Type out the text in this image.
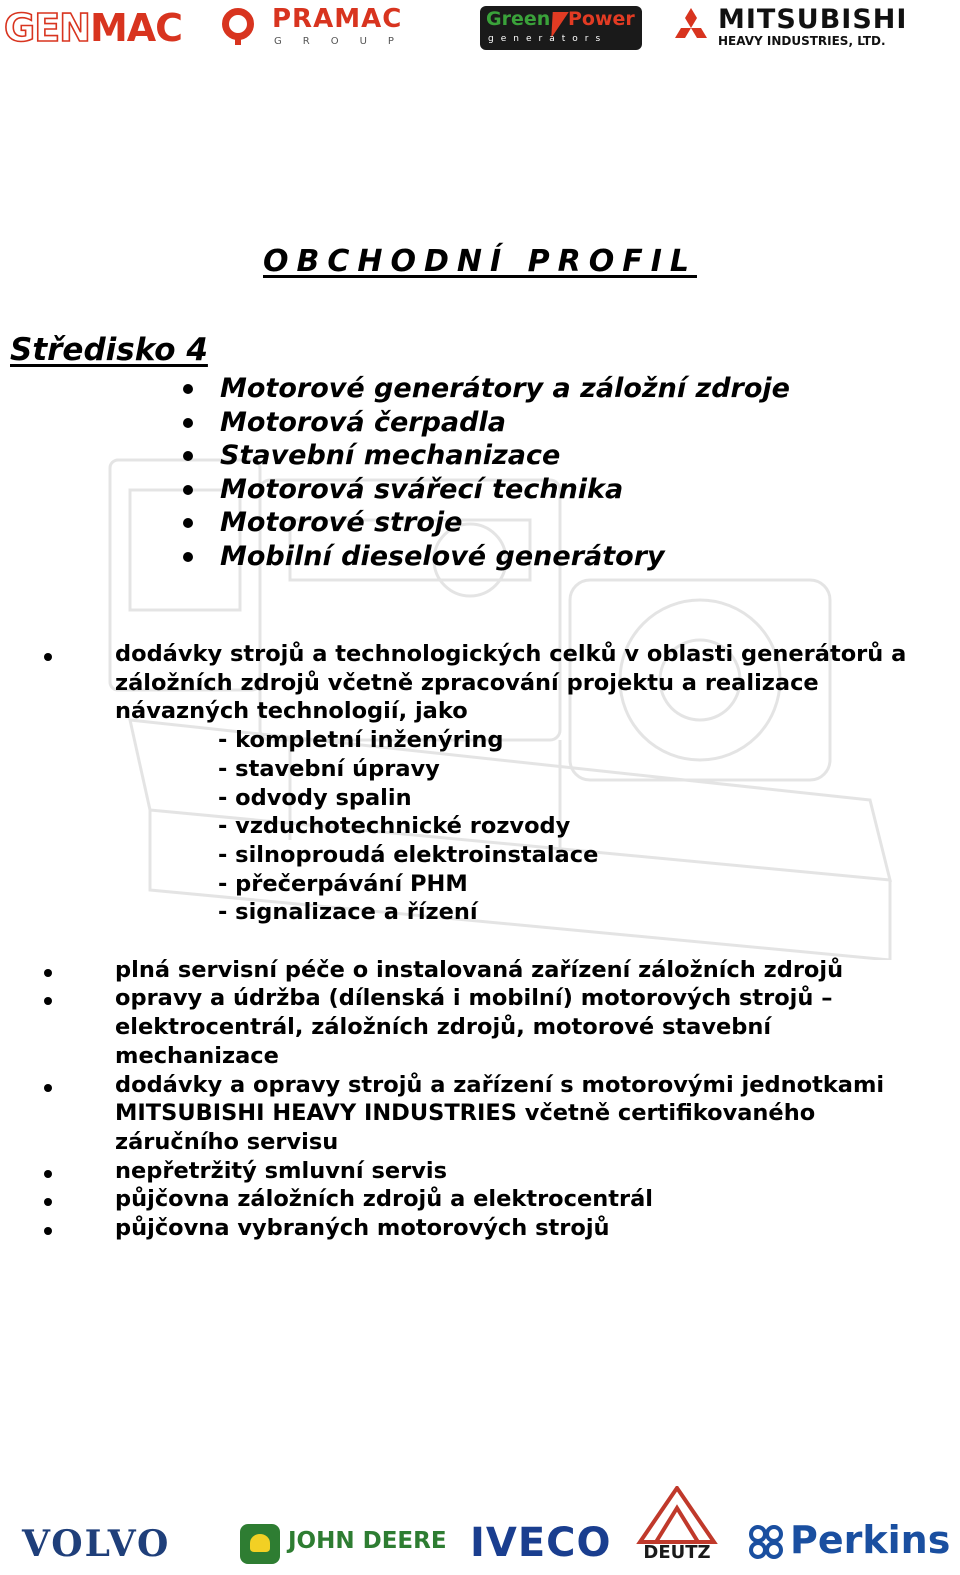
GENMAC	PRAMAC
GROUP
Green Power
generators
MITSUBISHI
HEAVY INDUSTRIES, LTD.
OBCHODNÍ PROFIL
Středisko 4
Motorové generátory a záložní zdroje
Motorová čerpadla
Stavební mechanizace
Motorová svářecí technika
Motorové stroje
Mobilní dieselové generátory
dodávky strojů a technologických celků v oblasti generátorů a
záložních zdrojů včetně zpracování projektu a realizace
návazných technologií, jako
- kompletní inženýring
- stavební úpravy
- odvody spalin
- vzduchotechnické rozvody
- silnoproudá elektroinstalace
- přečerpávání PHM
- signalizace a řízení
plná servisní péče o instalovaná zařízení záložních zdrojů
opravy a údržba (dílenská i mobilní) motorových strojů –
elektrocentrál, záložních zdrojů, motorové stavební
mechanizace
dodávky a opravy strojů a zařízení s motorovými jednotkami
MITSUBISHI HEAVY INDUSTRIES včetně certifikovaného
záručního servisu
nepřetržitý smluvní servis
půjčovna záložních zdrojů a elektrocentrál
půjčovna vybraných motorových strojů
VOLVO	JOHN DEERE IVECO	DEUTZ Perkins
